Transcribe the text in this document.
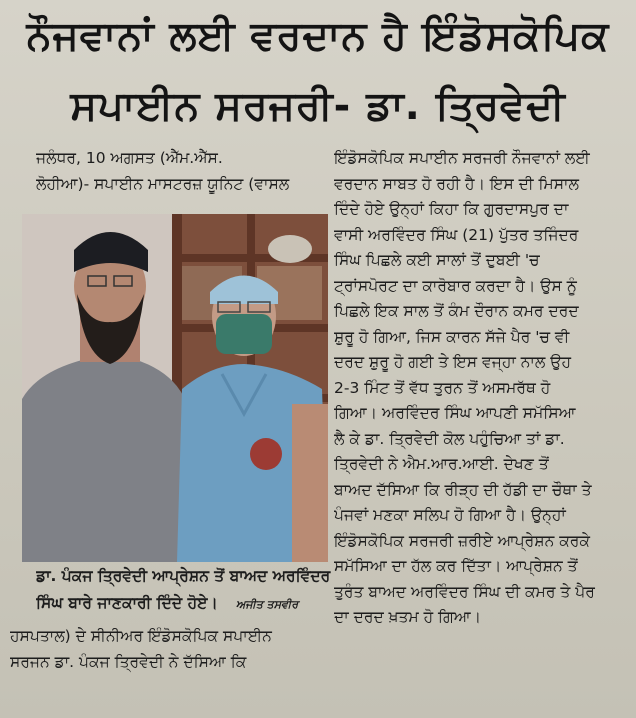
ਨੌਜਵਾਨਾਂ ਲਈ ਵਰਦਾਨ ਹੈ ਇੰਡੋਸਕੋਪਿਕ
ਸਪਾਈਨ ਸਰਜਰੀ- ਡਾ. ਤ੍ਰਿਵੇਦੀ
ਜਲੰਧਰ, 10 ਅਗਸਤ (ਐੱਮ.ਐੱਸ.
ਲੋਹੀਆ)- ਸਪਾਈਨ ਮਾਸਟਰਜ਼ ਯੂਨਿਟ (ਵਾਸਲ
ਇੰਡੋਸਕੋਪਿਕ ਸਪਾਈਨ ਸਰਜਰੀ ਨੌਜਵਾਨਾਂ ਲਈ
ਵਰਦਾਨ ਸਾਬਤ ਹੋ ਰਹੀ ਹੈ। ਇਸ ਦੀ ਮਿਸਾਲ
ਦਿੰਦੇ ਹੋਏ ਉਨ੍ਹਾਂ ਕਿਹਾ ਕਿ ਗੁਰਦਾਸਪੁਰ ਦਾ
ਵਾਸੀ ਅਰਵਿੰਦਰ ਸਿੰਘ (21) ਪੁੱਤਰ ਤਜਿੰਦਰ
ਸਿੰਘ ਪਿਛਲੇ ਕਈ ਸਾਲਾਂ ਤੋਂ ਦੁਬਈ 'ਚ
ਟ੍ਰਾਂਸਪੋਰਟ ਦਾ ਕਾਰੋਬਾਰ ਕਰਦਾ ਹੈ। ਉਸ ਨੂੰ
ਪਿਛਲੇ ਇਕ ਸਾਲ ਤੋਂ ਕੰਮ ਦੌਰਾਨ ਕਮਰ ਦਰਦ
ਸ਼ੁਰੂ ਹੋ ਗਿਆ, ਜਿਸ ਕਾਰਨ ਸੱਜੇ ਪੈਰ 'ਚ ਵੀ
ਦਰਦ ਸ਼ੁਰੂ ਹੋ ਗਈ ਤੇ ਇਸ ਵਜ੍ਹਾ ਨਾਲ ਉਹ
2-3 ਮਿੰਟ ਤੋਂ ਵੱਧ ਤੁਰਨ ਤੋਂ ਅਸਮਰੱਥ ਹੋ
ਗਿਆ। ਅਰਵਿੰਦਰ ਸਿੰਘ ਆਪਣੀ ਸਮੱਸਿਆ
ਲੈ ਕੇ ਡਾ. ਤ੍ਰਿਵੇਦੀ ਕੋਲ ਪਹੁੰਚਿਆ ਤਾਂ ਡਾ.
ਤ੍ਰਿਵੇਦੀ ਨੇ ਐਮ.ਆਰ.ਆਈ. ਦੇਖਣ ਤੋਂ
ਬਾਅਦ ਦੱਸਿਆ ਕਿ ਰੀੜ੍ਹ ਦੀ ਹੱਡੀ ਦਾ ਚੌਥਾ ਤੇ
ਪੰਜਵਾਂ ਮਣਕਾ ਸਲਿਪ ਹੋ ਗਿਆ ਹੈ। ਉਨ੍ਹਾਂ
ਇੰਡੋਸਕੋਪਿਕ ਸਰਜਰੀ ਜ਼ਰੀਏ ਆਪ੍ਰੇਸ਼ਨ ਕਰਕੇ
ਸਮੱਸਿਆ ਦਾ ਹੱਲ ਕਰ ਦਿੱਤਾ। ਆਪ੍ਰੇਸ਼ਨ ਤੋਂ
ਤੁਰੰਤ ਬਾਅਦ ਅਰਵਿੰਦਰ ਸਿੰਘ ਦੀ ਕਮਰ ਤੇ ਪੈਰ
ਦਾ ਦਰਦ ਖ਼ਤਮ ਹੋ ਗਿਆ।
ਡਾ. ਪੰਕਜ ਤ੍ਰਿਵੇਦੀ ਆਪ੍ਰੇਸ਼ਨ ਤੋਂ ਬਾਅਦ ਅਰਵਿੰਦਰ
ਸਿੰਘ ਬਾਰੇ ਜਾਣਕਾਰੀ ਦਿੰਦੇ ਹੋਏ। ਅਜੀਤ ਤਸਵੀਰ
ਹਸਪਤਾਲ) ਦੇ ਸੀਨੀਅਰ ਇੰਡੋਸਕੋਪਿਕ ਸਪਾਈਨ
ਸਰਜਨ ਡਾ. ਪੰਕਜ ਤ੍ਰਿਵੇਦੀ ਨੇ ਦੱਸਿਆ ਕਿ
